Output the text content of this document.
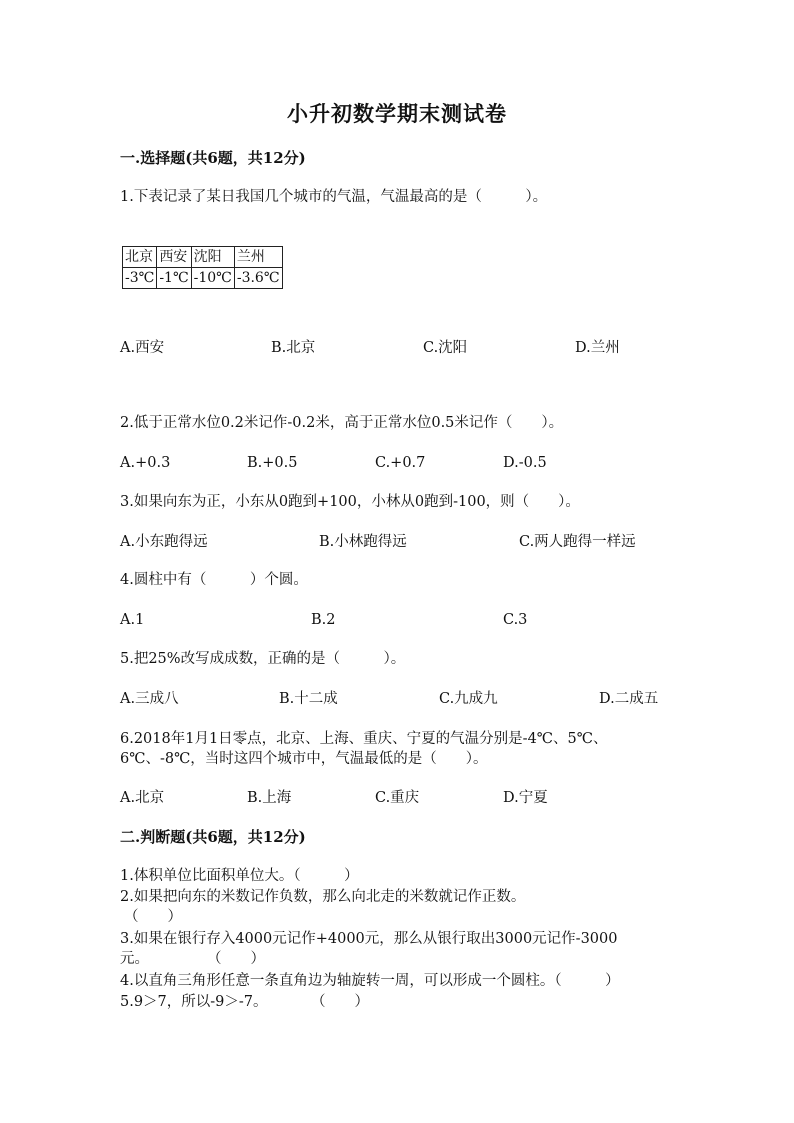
小升初数学期末测试卷
一.选择题(共6题，共12分)
1.下表记录了某日我国几个城市的气温，气温最高的是（　　　）。
北京	西安	沈阳	兰州
-3℃	-1℃	-10℃	-3.6℃
A.西安	B.北京	C.沈阳	D.兰州
2.低于正常水位0.2米记作-0.2米，高于正常水位0.5米记作（　　）。
A.+0.3	B.+0.5	C.+0.7	D.-0.5
3.如果向东为正，小东从0跑到+100，小林从0跑到-100，则（　　）。
A.小东跑得远	B.小林跑得远	C.两人跑得一样远
4.圆柱中有（　　　）个圆。
A.1	B.2	C.3
5.把25%改写成成数，正确的是（　　　）。
A.三成八	B.十二成	C.九成九	D.二成五
6.2018年1月1日零点，北京、上海、重庆、宁夏的气温分别是-4℃、5℃、
6℃、-8℃，当时这四个城市中，气温最低的是（　　）。
A.北京	B.上海	C.重庆	D.宁夏
二.判断题(共6题，共12分)
1.体积单位比面积单位大。（　　　）
2.如果把向东的米数记作负数，那么向北走的米数就记作正数。
（　　）
3.如果在银行存入4000元记作+4000元，那么从银行取出3000元记作-3000
元。　　　　　（　　）
4.以直角三角形任意一条直角边为轴旋转一周，可以形成一个圆柱。（　　　）
5.9＞7，所以-9＞-7。　　　　（　　）
